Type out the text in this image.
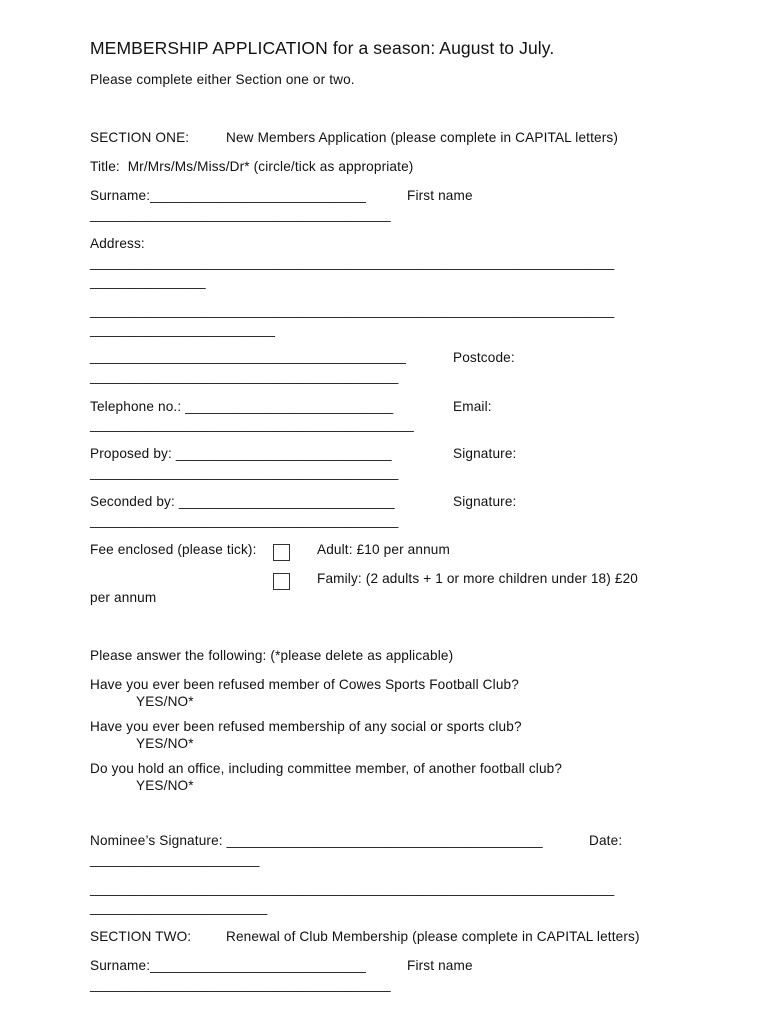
MEMBERSHIP APPLICATION for a season: August to July.
Please complete either Section one or two.
SECTION ONE:	New Members Application (please complete in CAPITAL letters)
Title:  Mr/Mrs/Ms/Miss/Dr* (circle/tick as appropriate)
Surname:____________________________	First name
_______________________________________
Address:
____________________________________________________________________
_______________
____________________________________________________________________
________________________
_________________________________________	Postcode:
________________________________________
Telephone no.: ___________________________	Email:
__________________________________________
Proposed by: ____________________________	Signature:
________________________________________
Seconded by: ____________________________	Signature:
________________________________________
Fee enclosed (please tick):	Adult: £10 per annum
Family: (2 adults + 1 or more children under 18) £20
per annum
Please answer the following: (*please delete as applicable)
Have you ever been refused member of Cowes Sports Football Club?
YES/NO*
Have you ever been refused membership of any social or sports club?
YES/NO*
Do you hold an office, including committee member, of another football club?
YES/NO*
Nominee’s Signature: _________________________________________	Date:
______________________
____________________________________________________________________
_______________________
SECTION TWO:	Renewal of Club Membership (please complete in CAPITAL letters)
Surname:____________________________	First name
_______________________________________
